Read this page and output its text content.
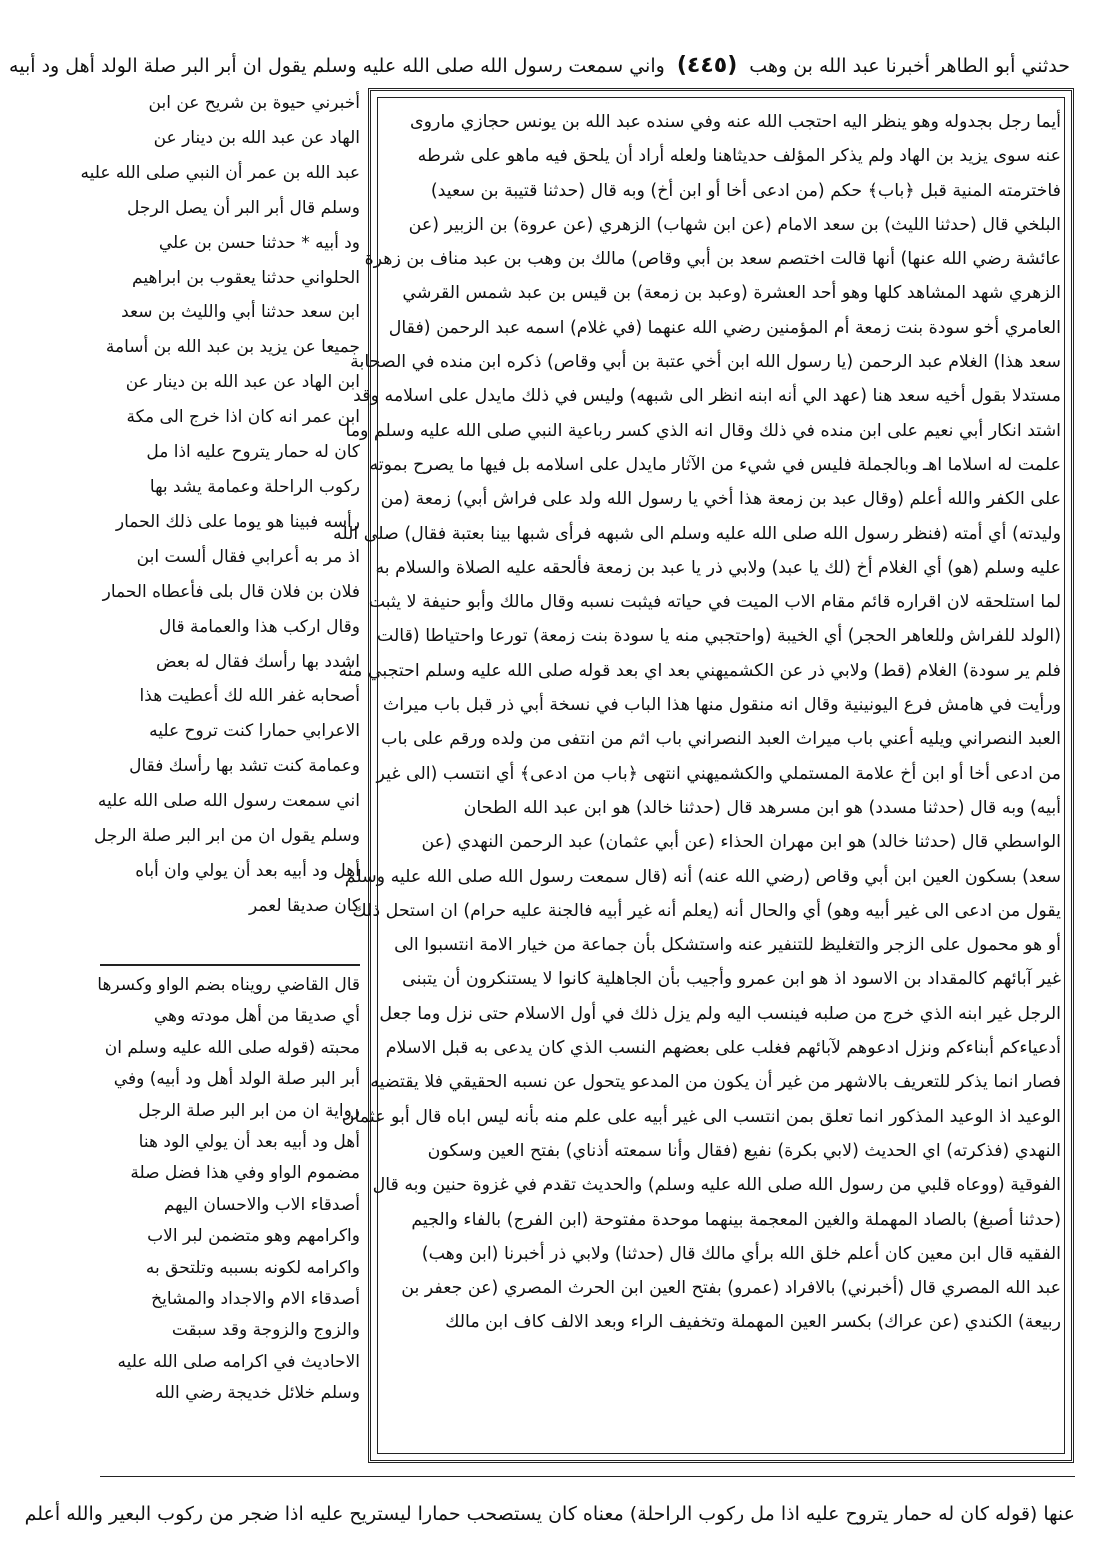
حدثني أبو الطاهر أخبرنا عبد الله بن وهب (٤٤٥) واني سمعت رسول الله صلى الله عليه وسلم يقول ان أبر البر صلة الولد أهل ود أبيه
أيما رجل بجدوله وهو ينظر اليه احتجب الله عنه وفي سنده عبد الله بن يونس حجازي ماروى
عنه سوى يزيد بن الهاد ولم يذكر المؤلف حديثاهنا ولعله أراد أن يلحق فيه ماهو على شرطه
فاخترمته المنية قبل ﴿باب﴾ حكم (من ادعى أخا أو ابن أخ) وبه قال (حدثنا قتيبة بن سعيد)
البلخي قال (حدثنا الليث) بن سعد الامام (عن ابن شهاب) الزهري (عن عروة) بن الزبير (عن
عائشة رضي الله عنها) أنها قالت اختصم سعد بن أبي وقاص) مالك بن وهب بن عبد مناف بن زهرة
الزهري شهد المشاهد كلها وهو أحد العشرة (وعبد بن زمعة) بن قيس بن عبد شمس القرشي
العامري أخو سودة بنت زمعة أم المؤمنين رضي الله عنهما (في غلام) اسمه عبد الرحمن (فقال
سعد هذا) الغلام عبد الرحمن (يا رسول الله ابن أخي عتبة بن أبي وقاص) ذكره ابن منده في الصحابة
مستدلا بقول أخيه سعد هنا (عهد الي أنه ابنه انظر الى شبهه) وليس في ذلك مايدل على اسلامه وقد
اشتد انكار أبي نعيم على ابن منده في ذلك وقال انه الذي كسر رباعية النبي صلى الله عليه وسلم وما
علمت له اسلاما اهـ وبالجملة فليس في شيء من الآثار مايدل على اسلامه بل فيها ما يصرح بموته
على الكفر والله أعلم (وقال عبد بن زمعة هذا أخي يا رسول الله ولد على فراش أبي) زمعة (من
وليدته) أي أمته (فنظر رسول الله صلى الله عليه وسلم الى شبهه فرأى شبها بينا بعتبة فقال) صلى الله
عليه وسلم (هو) أي الغلام أخ (لك يا عبد) ولابي ذر يا عبد بن زمعة فألحقه عليه الصلاة والسلام به
لما استلحقه لان اقراره قائم مقام الاب الميت في حياته فيثبت نسبه وقال مالك وأبو حنيفة لا يثبت
(الولد للفراش وللعاهر الحجر) أي الخيبة (واحتجبي منه يا سودة بنت زمعة) تورعا واحتياطا (قالت
فلم ير سودة) الغلام (قط) ولابي ذر عن الكشميهني بعد اي بعد قوله صلى الله عليه وسلم احتجبي منه
ورأيت في هامش فرع اليونينية وقال انه منقول منها هذا الباب في نسخة أبي ذر قبل باب ميراث
العبد النصراني ويليه أعني باب ميراث العبد النصراني باب اثم من انتفى من ولده ورقم على باب
من ادعى أخا أو ابن أخ علامة المستملي والكشميهني انتهى ﴿باب من ادعى﴾ أي انتسب (الى غير
أبيه) وبه قال (حدثنا مسدد) هو ابن مسرهد قال (حدثنا خالد) هو ابن عبد الله الطحان
الواسطي قال (حدثنا خالد) هو ابن مهران الحذاء (عن أبي عثمان) عبد الرحمن النهدي (عن
سعد) بسكون العين ابن أبي وقاص (رضي الله عنه) أنه (قال سمعت رسول الله صلى الله عليه وسلم
يقول من ادعى الى غير أبيه وهو) أي والحال أنه (يعلم أنه غير أبيه فالجنة عليه حرام) ان استحل ذلك
أو هو محمول على الزجر والتغليظ للتنفير عنه واستشكل بأن جماعة من خيار الامة انتسبوا الى
غير آبائهم كالمقداد بن الاسود اذ هو ابن عمرو وأجيب بأن الجاهلية كانوا لا يستنكرون أن يتبنى
الرجل غير ابنه الذي خرج من صلبه فينسب اليه ولم يزل ذلك في أول الاسلام حتى نزل وما جعل
أدعياءكم أبناءكم ونزل ادعوهم لآبائهم فغلب على بعضهم النسب الذي كان يدعى به قبل الاسلام
فصار انما يذكر للتعريف بالاشهر من غير أن يكون من المدعو يتحول عن نسبه الحقيقي فلا يقتضيه
الوعيد اذ الوعيد المذكور انما تعلق بمن انتسب الى غير أبيه على علم منه بأنه ليس اباه قال أبو عثمان
النهدي (فذكرته) اي الحديث (لابي بكرة) نفيع (فقال وأنا سمعته أذناي) بفتح العين وسكون
الفوقية (ووعاه قلبي من رسول الله صلى الله عليه وسلم) والحديث تقدم في غزوة حنين وبه قال
(حدثنا أصبغ) بالصاد المهملة والغين المعجمة بينهما موحدة مفتوحة (ابن الفرج) بالفاء والجيم
الفقيه قال ابن معين كان أعلم خلق الله برأي مالك قال (حدثنا) ولابي ذر أخبرنا (ابن وهب)
عبد الله المصري قال (أخبرني) بالافراد (عمرو) بفتح العين ابن الحرث المصري (عن جعفر بن
ربيعة) الكندي (عن عراك) بكسر العين المهملة وتخفيف الراء وبعد الالف كاف ابن مالك
أخبرني حيوة بن شريح عن ابن
الهاد عن عبد الله بن دينار عن
عبد الله بن عمر أن النبي صلى الله عليه
وسلم قال أبر البر أن يصل الرجل
ود أبيه * حدثنا حسن بن علي
الحلواني حدثنا يعقوب بن ابراهيم
ابن سعد حدثنا أبي والليث بن سعد
جميعا عن يزيد بن عبد الله بن أسامة
ابن الهاد عن عبد الله بن دينار عن
ابن عمر انه كان اذا خرج الى مكة
كان له حمار يتروح عليه اذا مل
ركوب الراحلة وعمامة يشد بها
رأسه فبينا هو يوما على ذلك الحمار
اذ مر به أعرابي فقال ألست ابن
فلان بن فلان قال بلى فأعطاه الحمار
وقال اركب هذا والعمامة قال
اشدد بها رأسك فقال له بعض
أصحابه غفر الله لك أعطيت هذا
الاعرابي حمارا كنت تروح عليه
وعمامة كنت تشد بها رأسك فقال
اني سمعت رسول الله صلى الله عليه
وسلم يقول ان من ابر البر صلة الرجل
أهل ود أبيه بعد أن يولي وان أباه
كان صديقا لعمر
قال القاضي رويناه بضم الواو وكسرها
أي صديقا من أهل مودته وهي
محبته (قوله صلى الله عليه وسلم ان
أبر البر صلة الولد أهل ود أبيه) وفي
رواية ان من ابر البر صلة الرجل
أهل ود أبيه بعد أن يولي الود هنا
مضموم الواو وفي هذا فضل صلة
أصدقاء الاب والاحسان اليهم
واكرامهم وهو متضمن لبر الاب
واكرامه لكونه بسببه وتلتحق به
أصدقاء الام والاجداد والمشايخ
والزوج والزوجة وقد سبقت
الاحاديث في اكرامه صلى الله عليه
وسلم خلائل خديجة رضي الله
عنها (قوله كان له حمار يتروح عليه اذا مل ركوب الراحلة) معناه كان يستصحب حمارا ليستريح عليه اذا ضجر من ركوب البعير والله أعلم
